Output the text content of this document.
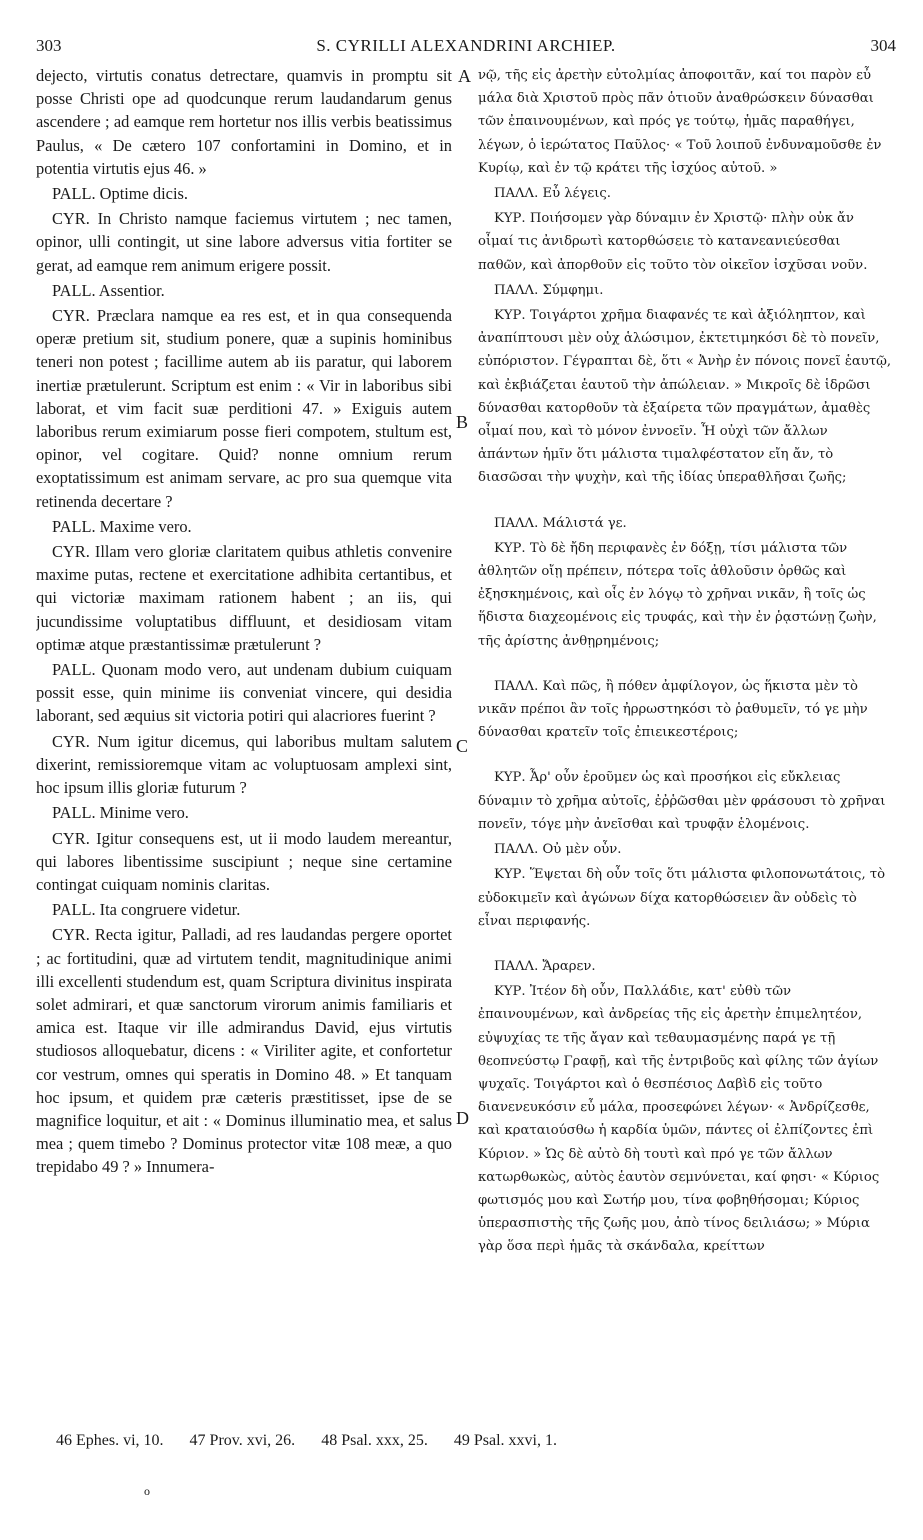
303	S. CYRILLI ALEXANDRINI ARCHIEP.	304
A
B
C
D

dejecto, virtutis conatus detrectare, quamvis in promptu sit posse Christi ope ad quodcunque rerum laudandarum genus ascendere ; ad eamque rem hortetur nos illis verbis beatissimus Paulus, « De cætero 107 confortamini in Domino, et in potentia virtutis ejus 46. »

PALL. Optime dicis.

CYR. In Christo namque faciemus virtutem ; nec tamen, opinor, ulli contingit, ut sine labore adversus vitia fortiter se gerat, ad eamque rem animum erigere possit.

PALL. Assentior.

CYR. Præclara namque ea res est, et in qua consequenda operæ pretium sit, studium ponere, quæ a supinis hominibus teneri non potest ; facillime autem ab iis paratur, qui laborem inertiæ prætulerunt. Scriptum est enim : « Vir in laboribus sibi laborat, et vim facit suæ perditioni 47. » Exiguis autem laboribus rerum eximiarum posse fieri compotem, stultum est, opinor, vel cogitare. Quid? nonne omnium rerum exoptatissimum est animam servare, ac pro sua quemque vita retinenda decertare ?

PALL. Maxime vero.

CYR. Illam vero gloriæ claritatem quibus athletis convenire maxime putas, rectene et exercitatione adhibita certantibus, et qui victoriæ maximam rationem habent ; an iis, qui jucundissime voluptatibus diffluunt, et desidiosam vitam optimæ atque præstantissimæ prætulerunt ?

PALL. Quonam modo vero, aut undenam dubium cuiquam possit esse, quin minime iis conveniat vincere, qui desidia laborant, sed æquius sit victoria potiri qui alacriores fuerint ?

CYR. Num igitur dicemus, qui laboribus multam salutem dixerint, remissioremque vitam ac voluptuosam amplexi sint, hoc ipsum illis gloriæ futurum ?

PALL. Minime vero.

CYR. Igitur consequens est, ut ii modo laudem mereantur, qui labores libentissime suscipiunt ; neque sine certamine contingat cuiquam nominis claritas.

PALL. Ita congruere videtur.

CYR. Recta igitur, Palladi, ad res laudandas pergere oportet ; ac fortitudini, quæ ad virtutem tendit, magnitudinique animi illi excellenti studendum est, quam Scriptura divinitus inspirata solet admirari, et quæ sanctorum virorum animis familiaris et amica est. Itaque vir ille admirandus David, ejus virtutis studiosos alloquebatur, dicens : « Viriliter agite, et confortetur cor vestrum, omnes qui speratis in Domino 48. » Et tanquam hoc ipsum, et quidem præ cæteris præstitisset, ipse de se magnifice loquitur, et ait : « Dominus illuminatio mea, et salus mea ; quem timebo ? Dominus protector vitæ 108 meæ, a quo trepidabo 49 ? » Innumera-

νῷ, τῆς εἰς ἀρετὴν εὐτολμίας ἀποφοιτᾶν, καί τοι παρὸν εὖ μάλα διὰ Χριστοῦ πρὸς πᾶν ὁτιοῦν ἀναθρώσκειν δύνασθαι τῶν ἐπαινουμένων, καὶ πρός γε τούτῳ, ἡμᾶς παραθήγει, λέγων, ὁ ἱερώτατος Παῦλος· « Τοῦ λοιποῦ ἐνδυναμοῦσθε ἐν Κυρίῳ, καὶ ἐν τῷ κράτει τῆς ἰσχύος αὐτοῦ. »

ΠΑΛΛ. Εὖ λέγεις.

ΚΥΡ. Ποιήσομεν γὰρ δύναμιν ἐν Χριστῷ· πλὴν οὐκ ἄν οἶμαί τις ἀνιδρωτὶ κατορθώσειε τὸ κατανεανιεύεσθαι παθῶν, καὶ ἀπορθοῦν εἰς τοῦτο τὸν οἰκεῖον ἰσχῦσαι νοῦν.

ΠΑΛΛ. Σύμφημι.

ΚΥΡ. Τοιγάρτοι χρῆμα διαφανές τε καὶ ἀξιόληπτον, καὶ ἀναπίπτουσι μὲν οὐχ ἁλώσιμον, ἐκτετιμηκόσι δὲ τὸ πονεῖν, εὐπόριστον. Γέγραπται δὲ, ὅτι « Ἀνὴρ ἐν πόνοις πονεῖ ἑαυτῷ, καὶ ἐκβιάζεται ἑαυτοῦ τὴν ἀπώλειαν. » Μικροῖς δὲ ἱδρῶσι δύνασθαι κατορθοῦν τὰ ἐξαίρετα τῶν πραγμάτων, ἀμαθὲς οἶμαί που, καὶ τὸ μόνον ἐννοεῖν. Ἦ οὐχὶ τῶν ἄλλων ἁπάντων ἡμῖν ὅτι μάλιστα τιμαλφέστατον εἴη ἄν, τὸ διασῶσαι τὴν ψυχὴν, καὶ τῆς ἰδίας ὑπεραθλῆσαι ζωῆς;

ΠΑΛΛ. Μάλιστά γε.

ΚΥΡ. Τὸ δὲ ἤδη περιφανὲς ἐν δόξῃ, τίσι μάλιστα τῶν ἀθλητῶν οἴῃ πρέπειν, πότερα τοῖς ἀθλοῦσιν ὀρθῶς καὶ ἐξησκημένοις, καὶ οἷς ἐν λόγῳ τὸ χρῆναι νικᾶν, ἢ τοῖς ὡς ἥδιστα διαχεομένοις εἰς τρυφάς, καὶ τὴν ἐν ῥᾳστώνῃ ζωὴν, τῆς ἀρίστης ἀνθῃρημένοις;

ΠΑΛΛ. Καὶ πῶς, ἢ πόθεν ἀμφίλογον, ὡς ἥκιστα μὲν τὸ νικᾶν πρέποι ἂν τοῖς ἠρρωστηκόσι τὸ ῥαθυμεῖν, τό γε μὴν δύνασθαι κρατεῖν τοῖς ἐπιεικεστέροις;

ΚΥΡ. Ἆρ' οὖν ἐροῦμεν ὡς καὶ προσήκοι εἰς εὔκλειας δύναμιν τὸ χρῆμα αὐτοῖς, ἐῤῥῶσθαι μὲν φράσουσι τὸ χρῆναι πονεῖν, τόγε μὴν ἀνεῖσθαι καὶ τρυφᾷν ἑλομένοις.

ΠΑΛΛ. Οὐ μὲν οὖν.

ΚΥΡ. Ἕψεται δὴ οὖν τοῖς ὅτι μάλιστα φιλοπονωτάτοις, τὸ εὐδοκιμεῖν καὶ ἀγώνων δίχα κατορθώσειεν ἂν οὐδεὶς τὸ εἶναι περιφανής.

ΠΑΛΛ. Ἄραρεν.

ΚΥΡ. Ἰτέον δὴ οὖν, Παλλάδιε, κατ' εὐθὺ τῶν ἐπαινουμένων, καὶ ἀνδρείας τῆς εἰς ἀρετὴν ἐπιμελητέον, εὐψυχίας τε τῆς ἄγαν καὶ τεθαυμασμένης παρά γε τῇ θεοπνεύστῳ Γραφῇ, καὶ τῆς ἐντριβοῦς καὶ φίλης τῶν ἁγίων ψυχαῖς. Τοιγάρτοι καὶ ὁ θεσπέσιος Δαβὶδ εἰς τοῦτο διανενευκόσιν εὖ μάλα, προσεφώνει λέγων· « Ἀνδρίζεσθε, καὶ κραταιούσθω ἡ καρδία ὑμῶν, πάντες οἱ ἐλπίζοντες ἐπὶ Κύριον. » Ὡς δὲ αὐτὸ δὴ τουτὶ καὶ πρό γε τῶν ἄλλων κατωρθωκὼς, αὐτὸς ἑαυτὸν σεμνύνεται, καί φησι· « Κύριος φωτισμός μου καὶ Σωτήρ μου, τίνα φοβηθήσομαι; Κύριος ὑπερασπιστὴς τῆς ζωῆς μου, ἀπὸ τίνος δειλιάσω; » Μύρια γὰρ ὅσα περὶ ἡμᾶς τὰ σκάνδαλα, κρείττων

46 Ephes. vi, 10. 47 Prov. xvi, 26. 48 Psal. xxx, 25. 49 Psal. xxvi, 1.
o
